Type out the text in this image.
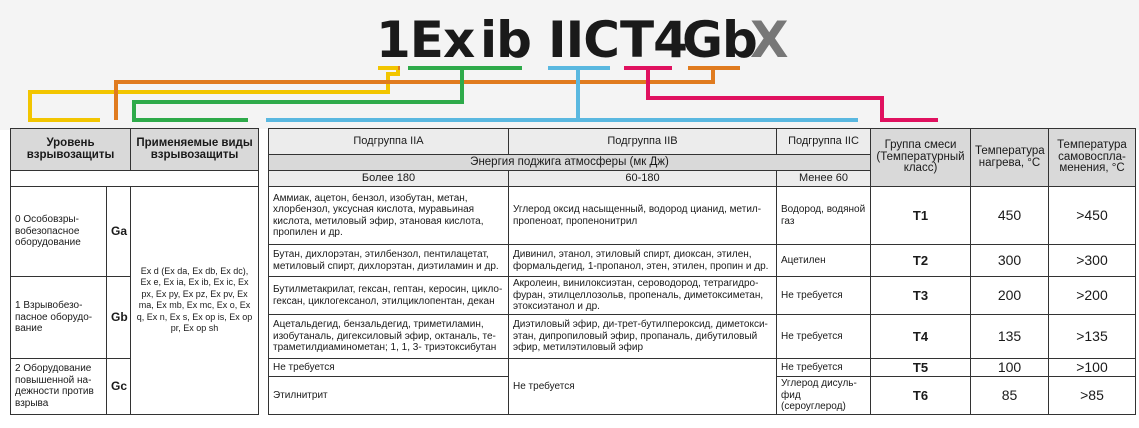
1Ex ib IIC T4
Gb
X
Уровень взрывозащиты		Применяемые виды взрывозащиты		Подгруппа IIA	Подгруппа IIB	Подгруппа IIC	Группа смеси (Температурный класс)	Температура нагрева, °С	Температура самовоспла-менения, °С
				Энергия поджига атмосферы (мк Дж)					
				Более 180	60-180	Менее 60			
0 Особовзры-вобезопасное оборудование	Ga	Ex d (Ex da, Ex db, Ex dc), Ex e, Ex ia, Ex ib, Ex ic, Ex px, Ex py, Ex pz, Ex pv, Ex ma, Ex mb, Ex mc, Ex o, Ex q, Ex n, Ex s, Ex op is, Ex op pr, Ex op sh		Аммиак, ацетон, бензол, изобутан, метан, хлорбензол, уксусная кислота, муравьиная кислота, метиловый эфир, этановая кислота, пропилен и др.	Углерод оксид насыщенный, водород цианид, метил-пропеноат, пропенонитрил	Водород, водяной газ	T1	450	>450
				Бутан, дихлорэтан, этилбензол, пентилацетат, метиловый спирт, дихлорэтан, диэтиламин и др.	Дивинил, этанол, этиловый спирт, диоксан, этилен, формальдегид, 1-пропанол, этен, этилен, пропин и др.	Ацетилен	T2	300	>300
1 Взрывобезо-пасное оборудо-вание	Gb			Бутилметакрилат, гексан, гептан, керосин, цикло-гексан, циклогексанол, этилциклопентан, декан	Акролеин, винилоксиэтан, сероводород, тетрагидро-фуран, этилцеллозольв, пропеналь, диметоксиметан, этоксиэтанол и др.	Не требуется	T3	200	>200
				Ацетальдегид, бензальдегид, триметиламин, изобутаналь, дигексиловый эфир, октаналь, те-траметилдиаминометан; 1, 1, 3- триэтоксибутан	Диэтиловый эфир, ди-трет-бутилпероксид, диметокси-этан, дипропиловый эфир, пропаналь, дибутиловый эфир, метилэтиловый эфир	Не требуется	T4	135	>135
2 Оборудование повышенной на-дежности против взрыва	Gc			Не требуется	Не требуется	Не требуется	T5	100	>100
				Этилнитрит		Углерод дисуль-фид (сероуглерод)	T6	85	>85
